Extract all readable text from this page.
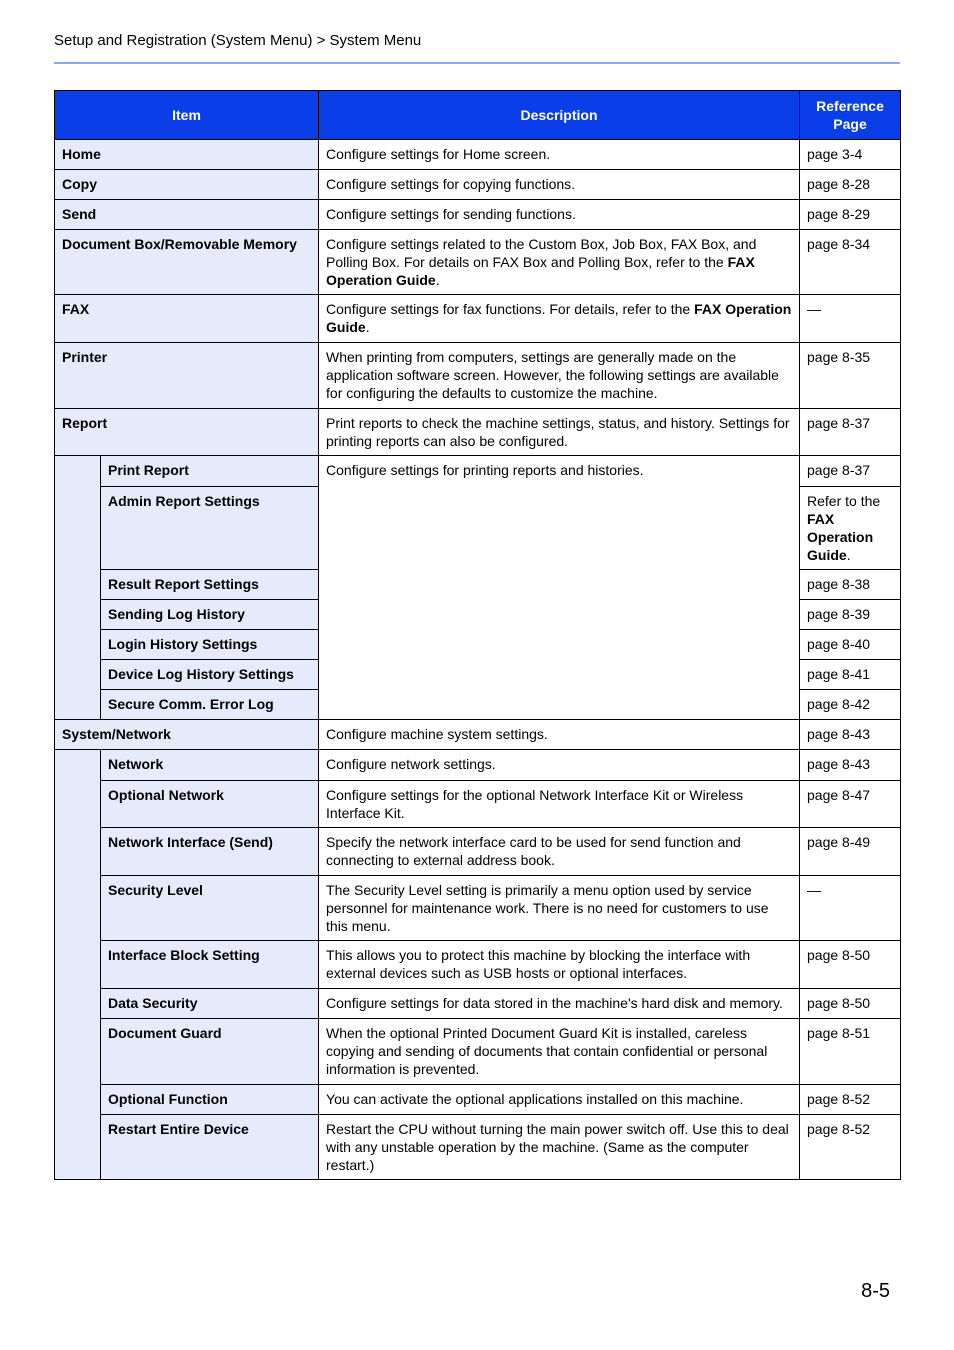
Setup and Registration (System Menu) > System Menu
Item		Description	Reference Page
Home		Configure settings for Home screen.	page 3-4
Copy		Configure settings for copying functions.	page 8-28
Send		Configure settings for sending functions.	page 8-29
Document Box/Removable Memory		Configure settings related to the Custom Box, Job Box, FAX Box, and Polling Box. For details on FAX Box and Polling Box, refer to the FAX Operation Guide.	page 8-34
FAX		Configure settings for fax functions. For details, refer to the FAX Operation Guide.	—
Printer		When printing from computers, settings are generally made on the application software screen. However, the following settings are available for configuring the defaults to customize the machine.	page 8-35
Report		Print reports to check the machine settings, status, and history. Settings for printing reports can also be configured.	page 8-37
	Print Report	Configure settings for printing reports and histories.	page 8-37
	Admin Report Settings		Refer to the FAX Operation Guide.
	Result Report Settings		page 8-38
	Sending Log History		page 8-39
	Login History Settings		page 8-40
	Device Log History Settings		page 8-41
	Secure Comm. Error Log		page 8-42
System/Network		Configure machine system settings.	page 8-43
	Network	Configure network settings.	page 8-43
	Optional Network	Configure settings for the optional Network Interface Kit or Wireless Interface Kit.	page 8-47
	Network Interface (Send)	Specify the network interface card to be used for send function and connecting to external address book.	page 8-49
	Security Level	The Security Level setting is primarily a menu option used by service personnel for maintenance work. There is no need for customers to use this menu.	—
	Interface Block Setting	This allows you to protect this machine by blocking the interface with external devices such as USB hosts or optional interfaces.	page 8-50
	Data Security	Configure settings for data stored in the machine's hard disk and memory.	page 8-50
	Document Guard	When the optional Printed Document Guard Kit is installed, careless copying and sending of documents that contain confidential or personal information is prevented.	page 8-51
	Optional Function	You can activate the optional applications installed on this machine.	page 8-52
	Restart Entire Device	Restart the CPU without turning the main power switch off. Use this to deal with any unstable operation by the machine. (Same as the computer restart.)	page 8-52
8-5
